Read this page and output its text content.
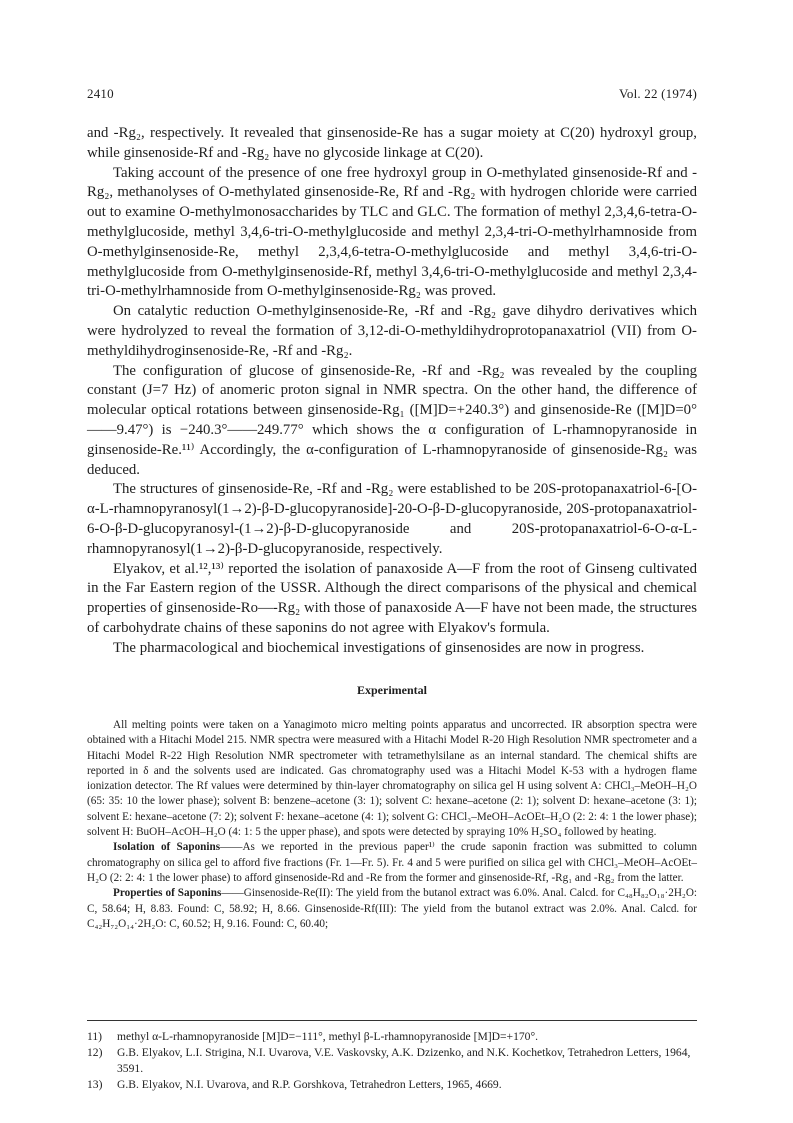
2410	Vol. 22 (1974)

and -Rg₂, respectively. It revealed that ginsenoside-Re has a sugar moiety at C(20) hydroxyl group, while ginsenoside-Rf and -Rg₂ have no glycoside linkage at C(20).

Taking account of the presence of one free hydroxyl group in O-methylated ginsenoside-Rf and -Rg₂, methanolyses of O-methylated ginsenoside-Re, Rf and -Rg₂ with hydrogen chloride were carried out to examine O-methylmonosaccharides by TLC and GLC. The formation of methyl 2,3,4,6-tetra-O-methylglucoside, methyl 3,4,6-tri-O-methylglucoside and methyl 2,3,4-tri-O-methylrhamnoside from O-methylginsenoside-Re, methyl 2,3,4,6-tetra-O-methylglucoside and methyl 3,4,6-tri-O-methylglucoside from O-methylginsenoside-Rf, methyl 3,4,6-tri-O-methylglucoside and methyl 2,3,4-tri-O-methylrhamnoside from O-methylginsenoside-Rg₂ was proved.

On catalytic reduction O-methylginsenoside-Re, -Rf and -Rg₂ gave dihydro derivatives which were hydrolyzed to reveal the formation of 3,12-di-O-methyldihydroprotopanaxatriol (VII) from O-methyldihydroginsenoside-Re, -Rf and -Rg₂.

The configuration of glucose of ginsenoside-Re, -Rf and -Rg₂ was revealed by the coupling constant (J=7 Hz) of anomeric proton signal in NMR spectra. On the other hand, the difference of molecular optical rotations between ginsenoside-Rg₁ ([M]D=+240.3°) and ginsenoside-Re ([M]D=0°——9.47°) is −240.3°——249.77° which shows the α configuration of L-rhamnopyranoside in ginsenoside-Re.¹¹⁾ Accordingly, the α-configuration of L-rhamnopyranoside of ginsenoside-Rg₂ was deduced.

The structures of ginsenoside-Re, -Rf and -Rg₂ were established to be 20S-protopanaxatriol-6-[O-α-L-rhamnopyranosyl(1→2)-β-D-glucopyranoside]-20-O-β-D-glucopyranoside, 20S-protopanaxatriol-6-O-β-D-glucopyranosyl-(1→2)-β-D-glucopyranoside and 20S-protopanaxatriol-6-O-α-L-rhamnopyranosyl(1→2)-β-D-glucopyranoside, respectively.

Elyakov, et al.¹²,¹³⁾ reported the isolation of panaxoside A—F from the root of Ginseng cultivated in the Far Eastern region of the USSR. Although the direct comparisons of the physical and chemical properties of ginsenoside-Ro—-Rg₂ with those of panaxoside A—F have not been made, the structures of carbohydrate chains of these saponins do not agree with Elyakov's formula.

The pharmacological and biochemical investigations of ginsenosides are now in progress.

Experimental

All melting points were taken on a Yanagimoto micro melting points apparatus and uncorrected. IR absorption spectra were obtained with a Hitachi Model 215. NMR spectra were measured with a Hitachi Model R-20 High Resolution NMR spectrometer and a Hitachi Model R-22 High Resolution NMR spectrometer with tetramethylsilane as an internal standard. The chemical shifts are reported in δ and the solvents used are indicated. Gas chromatography used was a Hitachi Model K-53 with a hydrogen flame ionization detector. The Rf values were determined by thin-layer chromatography on silica gel H using solvent A: CHCl₃–MeOH–H₂O (65: 35: 10 the lower phase); solvent B: benzene–acetone (3: 1); solvent C: hexane–acetone (2: 1); solvent D: hexane–acetone (3: 1); solvent E: hexane–acetone (7: 2); solvent F: hexane–acetone (4: 1); solvent G: CHCl₃–MeOH–AcOEt–H₂O (2: 2: 4: 1 the lower phase); solvent H: BuOH–AcOH–H₂O (4: 1: 5 the upper phase), and spots were detected by spraying 10% H₂SO₄ followed by heating.

Isolation of Saponins——As we reported in the previous paper¹⁾ the crude saponin fraction was submitted to column chromatography on silica gel to afford five fractions (Fr. 1—Fr. 5). Fr. 4 and 5 were purified on silica gel with CHCl₃–MeOH–AcOEt–H₂O (2: 2: 4: 1 the lower phase) to afford ginsenoside-Rd and -Re from the former and ginsenoside-Rf, -Rg₁ and -Rg₂ from the latter.

Properties of Saponins——Ginsenoside-Re(II): The yield from the butanol extract was 6.0%. Anal. Calcd. for C₄₈H₈₂O₁₈·2H₂O: C, 58.64; H, 8.83. Found: C, 58.92; H, 8.66. Ginsenoside-Rf(III): The yield from the butanol extract was 2.0%. Anal. Calcd. for C₄₂H₇₂O₁₄·2H₂O: C, 60.52; H, 9.16. Found: C, 60.40;

11) methyl α-L-rhamnopyranoside [M]D=−111°, methyl β-L-rhamnopyranoside [M]D=+170°.
12) G.B. Elyakov, L.I. Strigina, N.I. Uvarova, V.E. Vaskovsky, A.K. Dzizenko, and N.K. Kochetkov, Tetrahedron Letters, 1964, 3591.
13) G.B. Elyakov, N.I. Uvarova, and R.P. Gorshkova, Tetrahedron Letters, 1965, 4669.
